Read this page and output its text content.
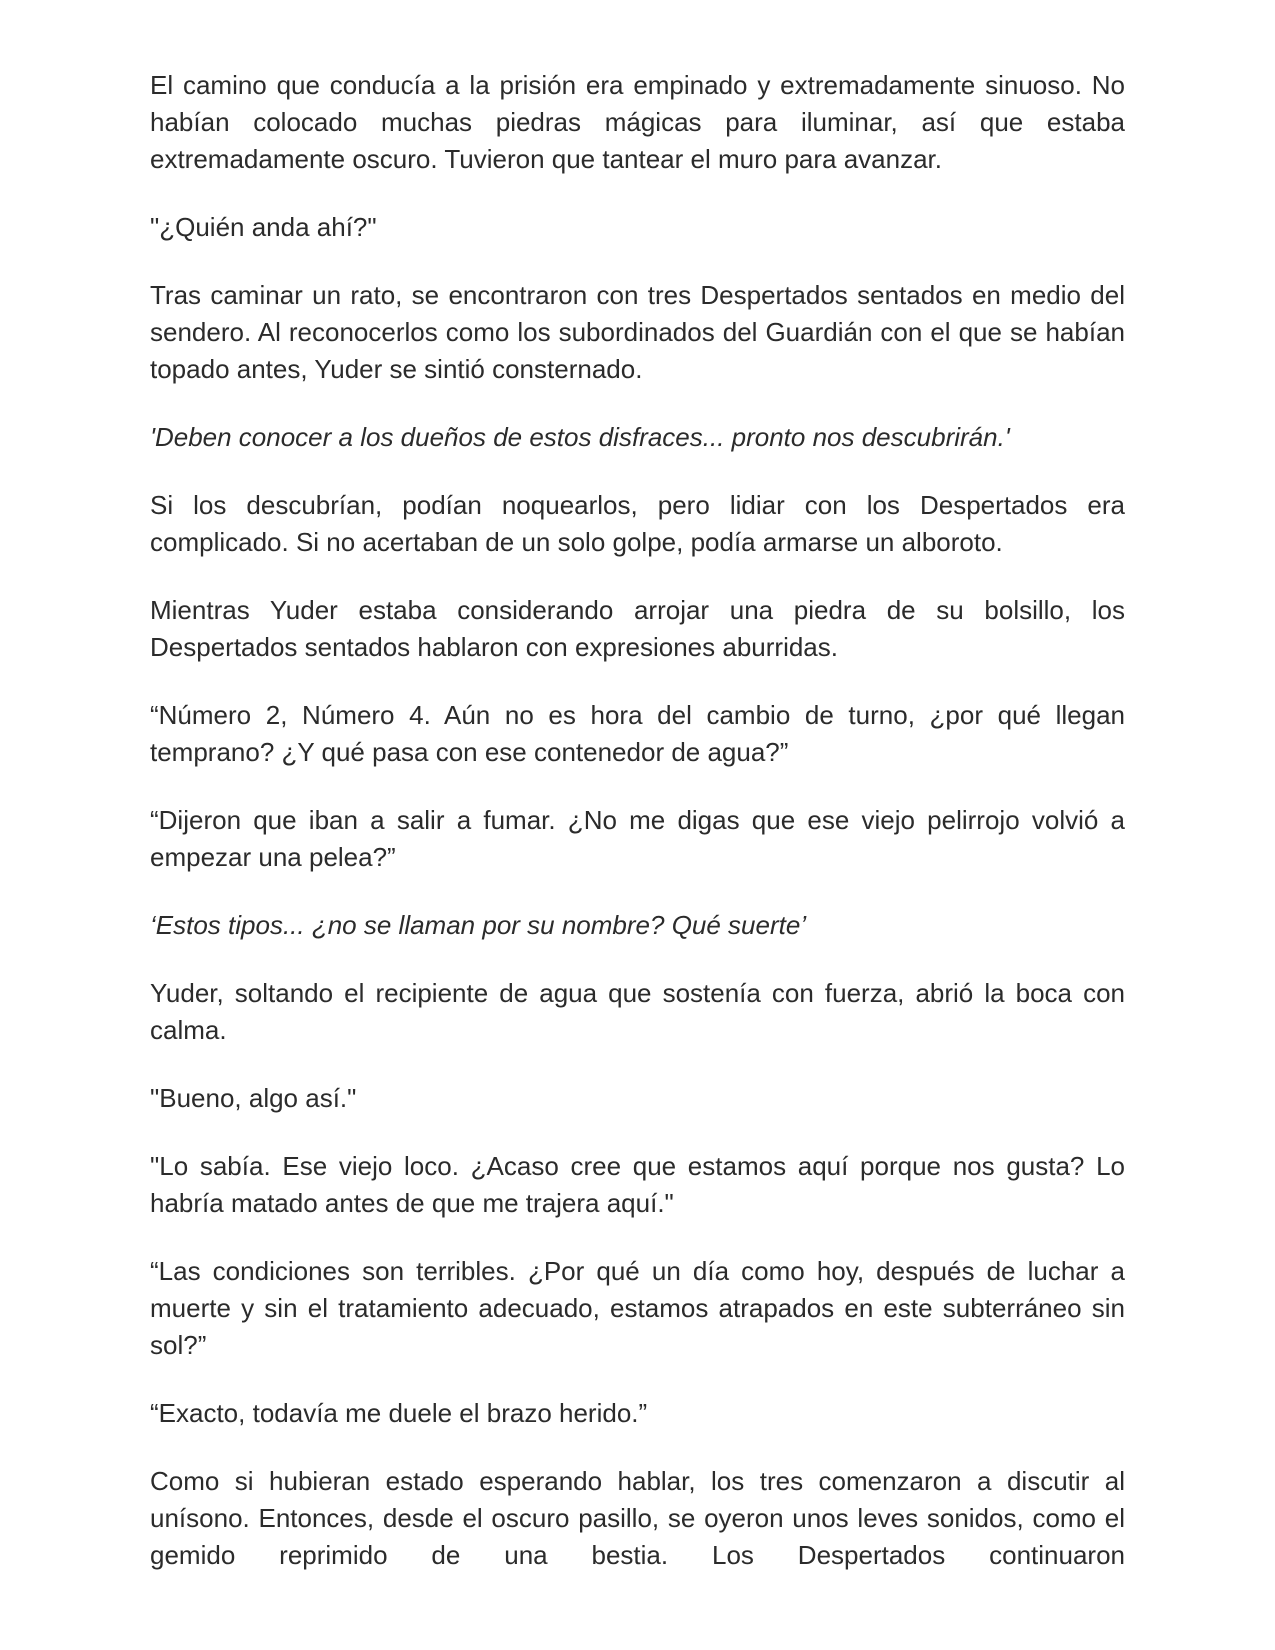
El camino que conducía a la prisión era empinado y extremadamente sinuoso. No habían colocado muchas piedras mágicas para iluminar, así que estaba extremadamente oscuro. Tuvieron que tantear el muro para avanzar.

"¿Quién anda ahí?"

Tras caminar un rato, se encontraron con tres Despertados sentados en medio del sendero. Al reconocerlos como los subordinados del Guardián con el que se habían topado antes, Yuder se sintió consternado.

'Deben conocer a los dueños de estos disfraces... pronto nos descubrirán.'

Si los descubrían, podían noquearlos, pero lidiar con los Despertados era complicado. Si no acertaban de un solo golpe, podía armarse un alboroto.

Mientras Yuder estaba considerando arrojar una piedra de su bolsillo, los Despertados sentados hablaron con expresiones aburridas.

“Número 2, Número 4. Aún no es hora del cambio de turno, ¿por qué llegan temprano? ¿Y qué pasa con ese contenedor de agua?”

“Dijeron que iban a salir a fumar. ¿No me digas que ese viejo pelirrojo volvió a empezar una pelea?”

‘Estos tipos... ¿no se llaman por su nombre? Qué suerte’

Yuder, soltando el recipiente de agua que sostenía con fuerza, abrió la boca con calma.

"Bueno, algo así."

"Lo sabía. Ese viejo loco. ¿Acaso cree que estamos aquí porque nos gusta? Lo habría matado antes de que me trajera aquí."

“Las condiciones son terribles. ¿Por qué un día como hoy, después de luchar a muerte y sin el tratamiento adecuado, estamos atrapados en este subterráneo sin sol?”

“Exacto, todavía me duele el brazo herido.”

Como si hubieran estado esperando hablar, los tres comenzaron a discutir al unísono. Entonces, desde el oscuro pasillo, se oyeron unos leves sonidos, como el gemido reprimido de una bestia. Los Despertados continuaron
